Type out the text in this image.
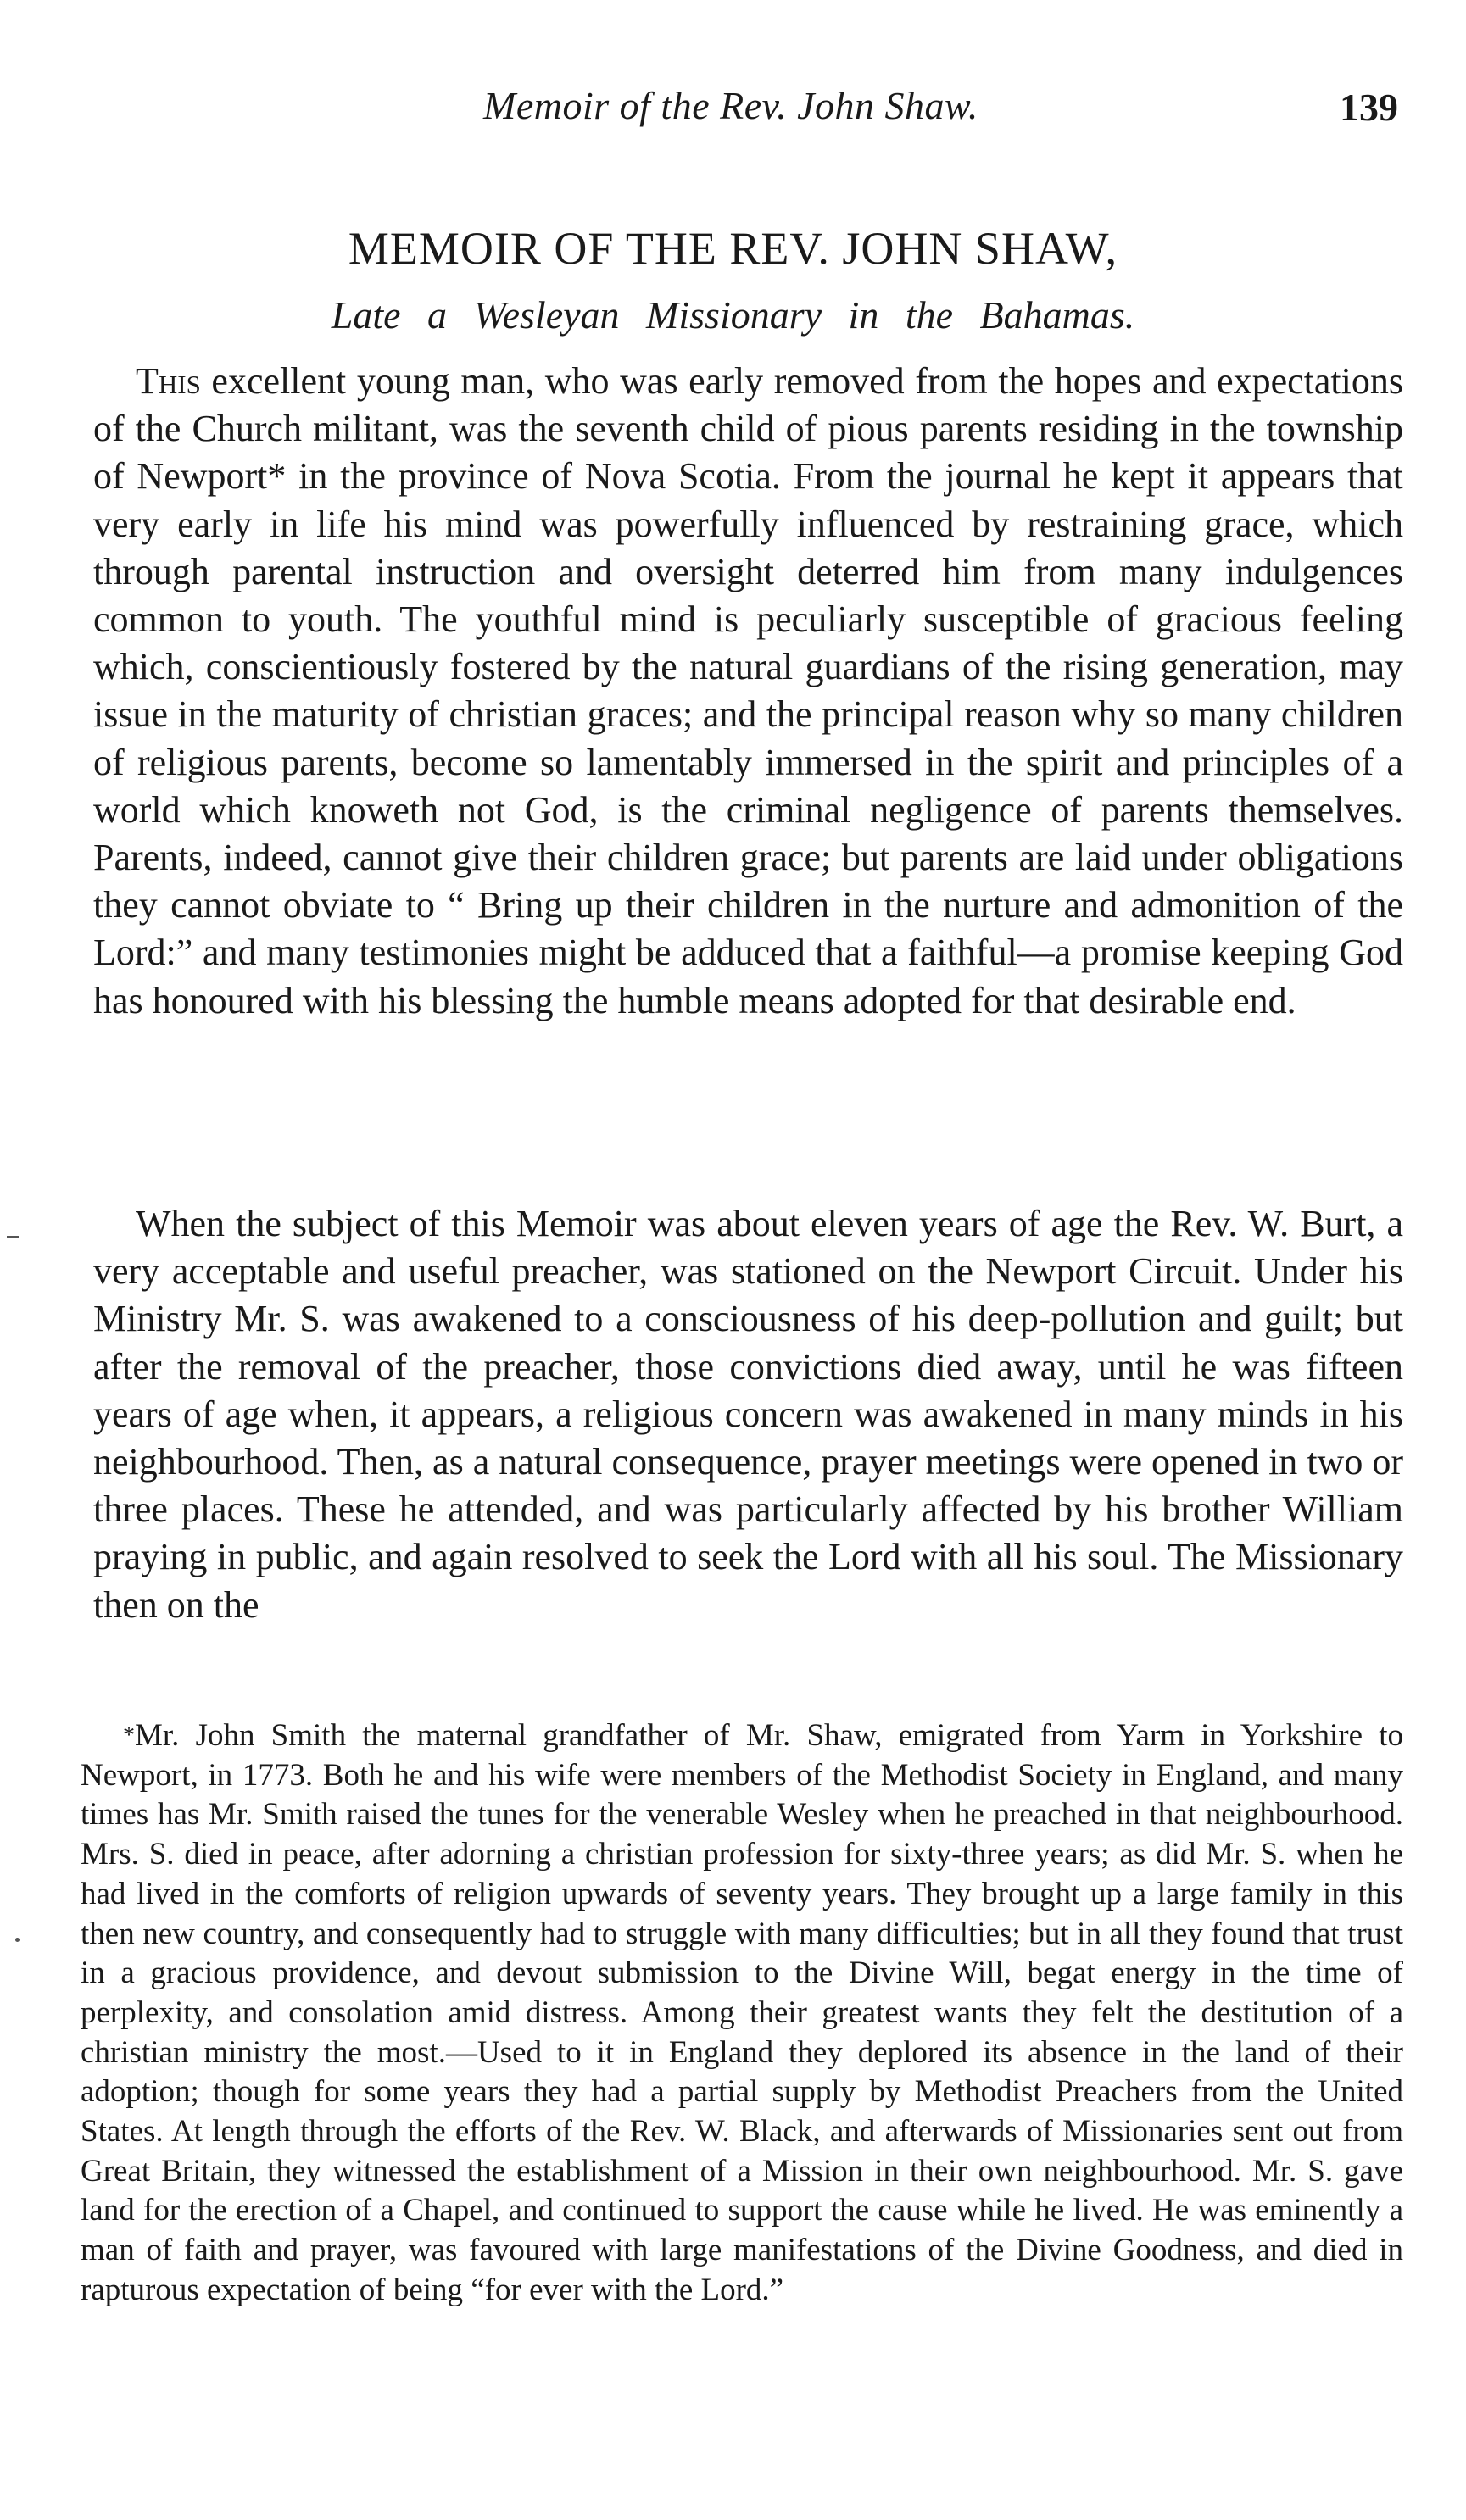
Memoir of the Rev. John Shaw.	139
MEMOIR OF THE REV. JOHN SHAW,
Late a Wesleyan Missionary in the Bahamas.

This excellent young man, who was early removed from the hopes and expectations of the Church militant, was the seventh child of pious parents residing in the township of Newport* in the province of Nova Scotia. From the journal he kept it appears that very early in life his mind was powerfully influenced by restraining grace, which through parental instruction and oversight deterred him from many indulgences common to youth. The youthful mind is peculiarly susceptible of gracious feeling which, conscientiously fostered by the natural guardians of the rising generation, may issue in the maturity of christian graces; and the principal reason why so many children of religious parents, become so lamentably immersed in the spirit and principles of a world which knoweth not God, is the criminal negligence of parents themselves. Parents, indeed, cannot give their children grace; but parents are laid under obligations they cannot obviate to “ Bring up their children in the nurture and admonition of the Lord:” and many testimonies might be adduced that a faithful—a promise keeping God has honoured with his blessing the humble means adopted for that desirable end.

When the subject of this Memoir was about eleven years of age the Rev. W. Burt, a very acceptable and useful preacher, was stationed on the Newport Circuit. Under his Ministry Mr. S. was awakened to a consciousness of his deep-pollution and guilt; but after the removal of the preacher, those convictions died away, until he was fifteen years of age when, it appears, a religious concern was awakened in many minds in his neighbourhood. Then, as a natural consequence, prayer meetings were opened in two or three places. These he attended, and was particularly affected by his brother William praying in public, and again resolved to seek the Lord with all his soul. The Missionary then on the

*Mr. John Smith the maternal grandfather of Mr. Shaw, emigrated from Yarm in Yorkshire to Newport, in 1773. Both he and his wife were members of the Methodist Society in England, and many times has Mr. Smith raised the tunes for the venerable Wesley when he preached in that neighbourhood. Mrs. S. died in peace, after adorning a christian profession for sixty-three years; as did Mr. S. when he had lived in the comforts of religion upwards of seventy years. They brought up a large family in this then new country, and consequently had to struggle with many difficulties; but in all they found that trust in a gracious providence, and devout submission to the Divine Will, begat energy in the time of perplexity, and consolation amid distress. Among their greatest wants they felt the destitution of a christian ministry the most.—Used to it in England they deplored its absence in the land of their adoption; though for some years they had a partial supply by Methodist Preachers from the United States. At length through the efforts of the Rev. W. Black, and afterwards of Missionaries sent out from Great Britain, they witnessed the establishment of a Mission in their own neighbourhood. Mr. S. gave land for the erection of a Chapel, and continued to support the cause while he lived. He was eminently a man of faith and prayer, was favoured with large manifestations of the Divine Goodness, and died in rapturous expectation of being “for ever with the Lord.”
